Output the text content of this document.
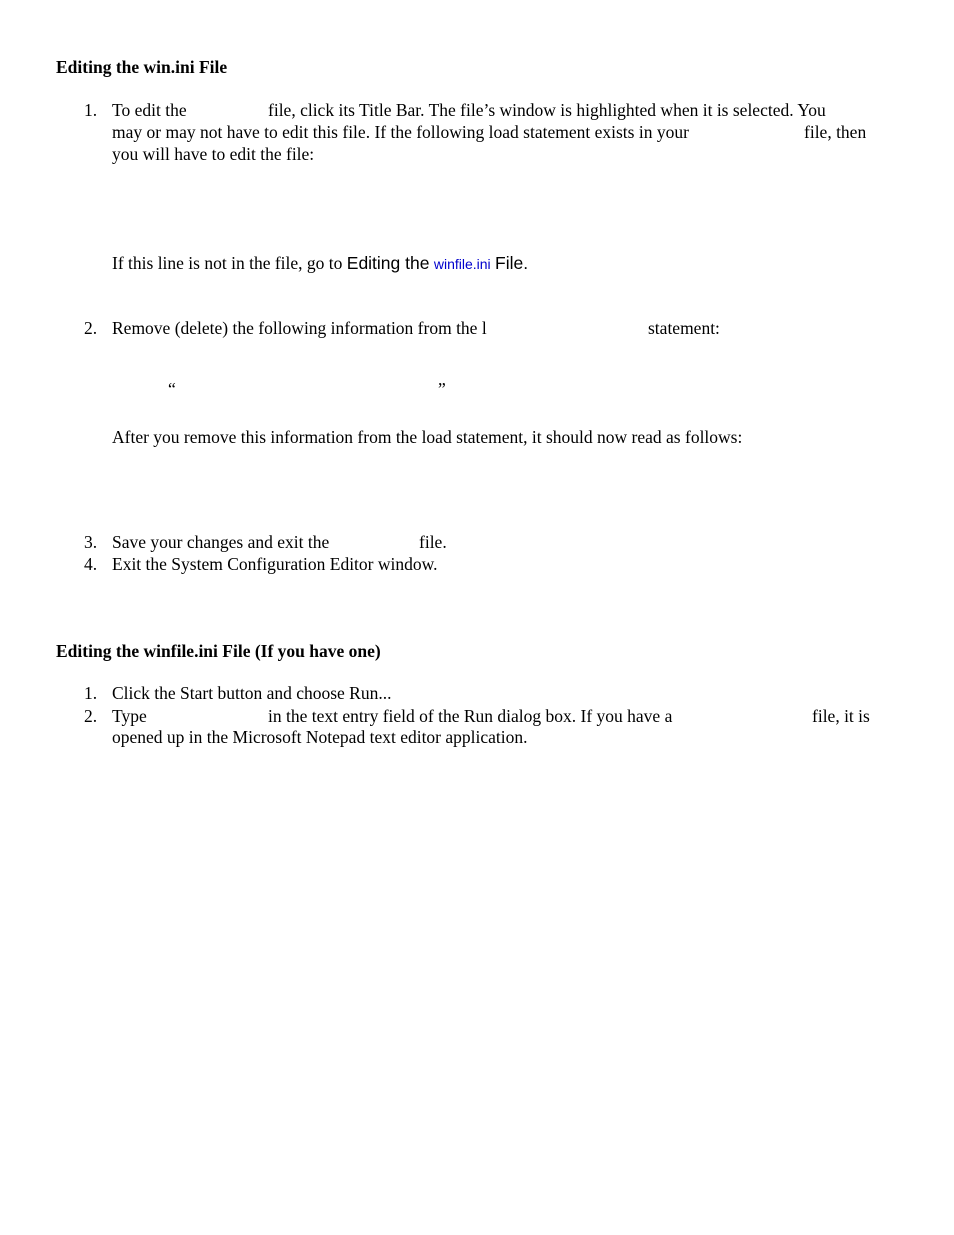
Editing the win.ini File
1. To edit the	file, click its Title Bar. The file’s window is highlighted when it is selected. You
may or may not have to edit this file. If the following load statement exists in your	file, then
you will have to edit the file:
If this line is not in the file, go to Editing the winfile.ini File.
2. Remove (delete) the following information from the l	statement:
“	”
After you remove this information from the load statement, it should now read as follows:
3. Save your changes and exit the	file.
4. Exit the System Configuration Editor window.
Editing the winfile.ini File (If you have one)
1. Click the Start button and choose Run...
2. Type	in the text entry field of the Run dialog box. If you have a	file, it is
opened up in the Microsoft Notepad text editor application.
